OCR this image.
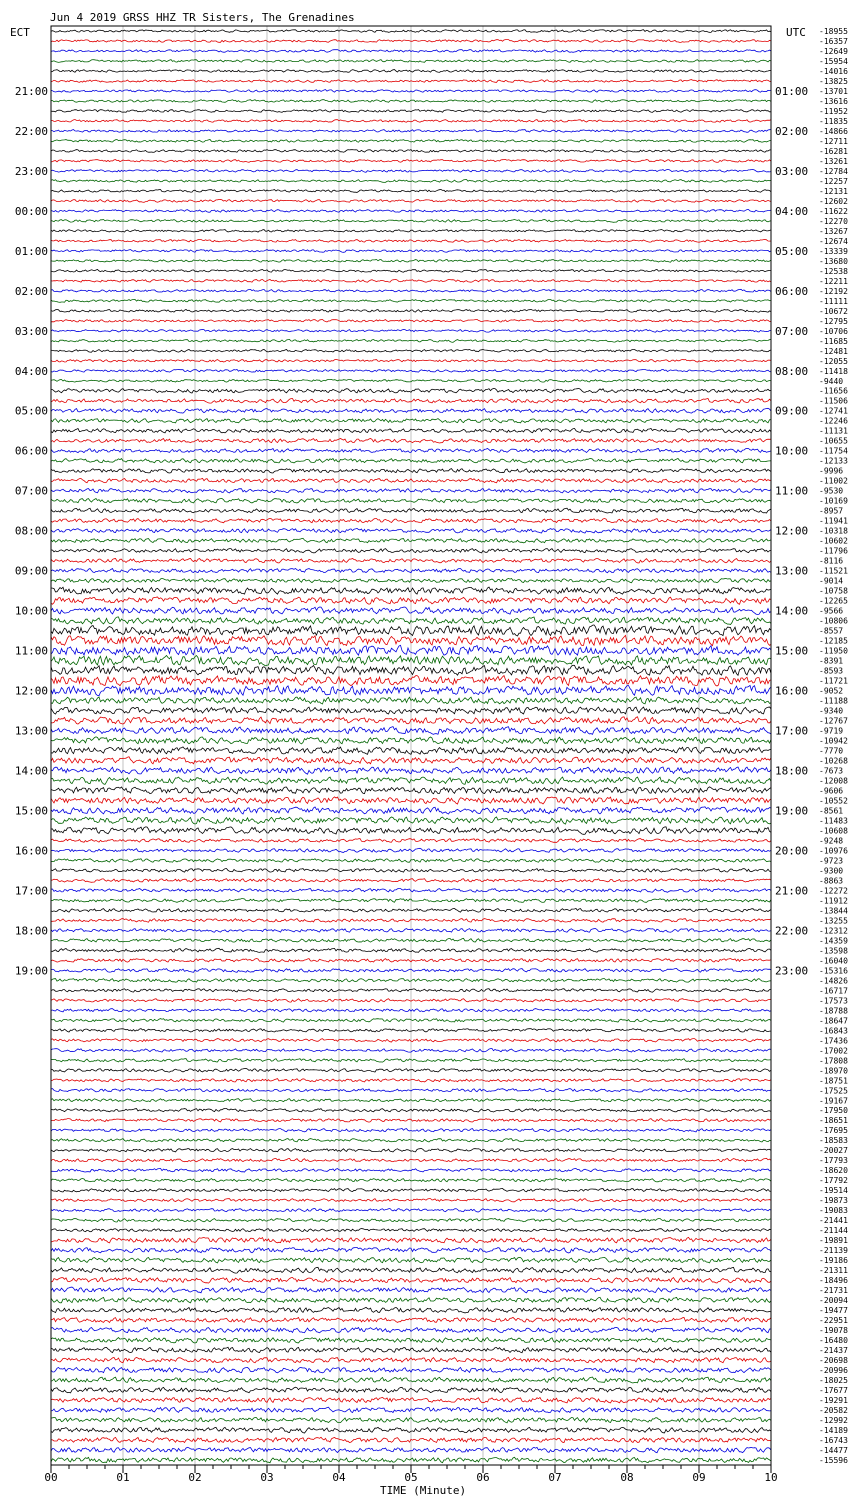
Jun 4 2019 GRSS HHZ TR Sisters, The Grenadines
ECT	UTC
TIME (Minute)
00	01	02	03	04	05	06	07	08	09	10
21:00
22:00
23:00
00:00
01:00
02:00
03:00
04:00
05:00
06:00
07:00
08:00
09:00
10:00
11:00
12:00
13:00
14:00
15:00
16:00
17:00
18:00
19:00
01:00
02:00
03:00
04:00
05:00
06:00
07:00
08:00
09:00
10:00
11:00
12:00
13:00
14:00
15:00
16:00
17:00
18:00
19:00
20:00
21:00
22:00
23:00
-18955
-16357
-12649
-15954
-14016
-13825
-13701
-13616
-11952
-11835
-14866
-12711
-16281
-13261
-12784
-12257
-12131
-12602
-11622
-12270
-13267
-12674
-13339
-13680
-12538
-12211
-12192
-11111
-10672
-12795
-10706
-11685
-12481
-12055
-11418
-9440
-11656
-11506
-12741
-12246
-11131
-10655
-11754
-12133
-9996
-11002
-9530
-10169
-8957
-11941
-10318
-10602
-11796
-8116
-11521
-9014
-10758
-12265
-9566
-10806
-8557
-12185
-11950
-8391
-8593
-11721
-9052
-11188
-9340
-12767
-9719
-10942
-7770
-10268
-7673
-12008
-9606
-10552
-8561
-11483
-10608
-9248
-10976
-9723
-9300
-8863
-12272
-11912
-13844
-13255
-12312
-14359
-13598
-16040
-15316
-14826
-16717
-17573
-18788
-18647
-16843
-17436
-17002
-17808
-18970
-18751
-17525
-19167
-17950
-18651
-17695
-18583
-20027
-17793
-18620
-17792
-19514
-19873
-19083
-21441
-21144
-19891
-21139
-19186
-21311
-18496
-21731
-20094
-19477
-22951
-19078
-16480
-21437
-20698
-20996
-18025
-17677
-19291
-20582
-12992
-14189
-16743
-14477
-15596
